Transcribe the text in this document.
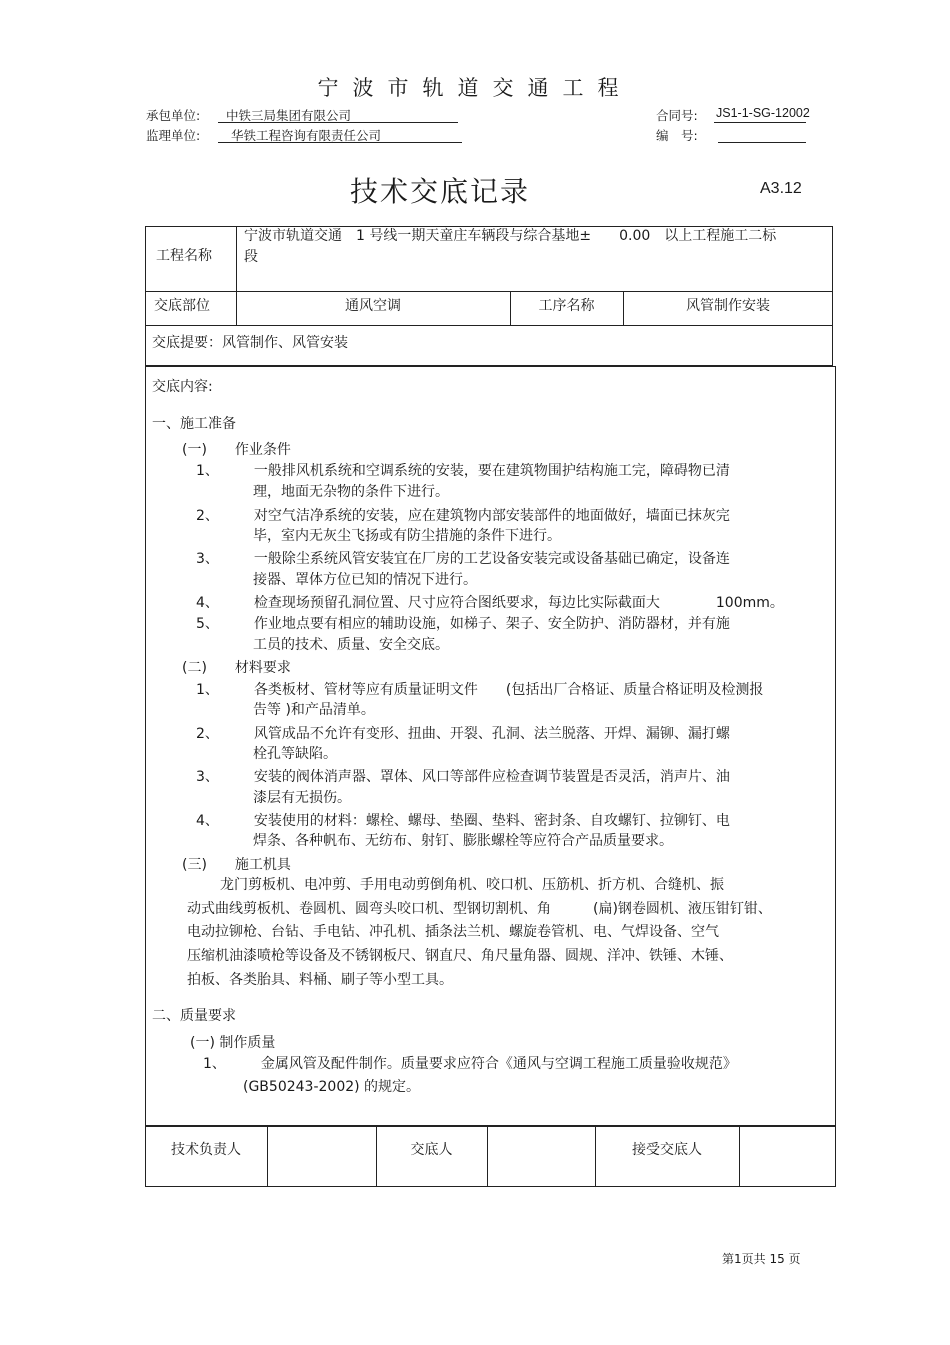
宁波市轨道交通工程
承包单位: 中铁三局集团有限公司
监理单位: 华铁工程咨询有限责任公司
合同号: JS1-1-SG-12002
编　号:
技术交底记录	A3.12
工程名称
宁波市轨道交通　1 号线一期天童庄车辆段与综合基地±　　0.00　以上工程施工二标
段
交底部位	通风空调	工序名称	风管制作安装
交底提要：风管制作、风管安装
交底内容:
一、施工准备
(一)　　作业条件
1、　　　一般排风机系统和空调系统的安装，要在建筑物围护结构施工完，障碍物已清
理，地面无杂物的条件下进行。
2、　　　对空气洁净系统的安装，应在建筑物内部安装部件的地面做好，墙面已抹灰完
毕，室内无灰尘飞扬或有防尘措施的条件下进行。
3、　　　一般除尘系统风管安装宜在厂房的工艺设备安装完或设备基础已确定，设备连
接器、罩体方位已知的情况下进行。
4、　　　检查现场预留孔洞位置、尺寸应符合图纸要求，每边比实际截面大　　　　100mm。
5、　　　作业地点要有相应的辅助设施，如梯子、架子、安全防护、消防器材，并有施
工员的技术、质量、安全交底。
(二)　　材料要求
1、　　　各类板材、管材等应有质量证明文件　　(包括出厂合格证、质量合格证明及检测报
告等 )和产品清单。
2、　　　风管成品不允许有变形、扭曲、开裂、孔洞、法兰脱落、开焊、漏铆、漏打螺
栓孔等缺陷。
3、　　　安装的阀体消声器、罩体、风口等部件应检查调节装置是否灵活，消声片、油
漆层有无损伤。
4、　　　安装使用的材料：螺栓、螺母、垫圈、垫料、密封条、自攻螺钉、拉铆钉、电
焊条、各种帆布、无纺布、射钉、膨胀螺栓等应符合产品质量要求。
(三)　　施工机具
龙门剪板机、电冲剪、手用电动剪倒角机、咬口机、压筋机、折方机、合缝机、振
动式曲线剪板机、卷圆机、圆弯头咬口机、型钢切割机、角　　　(扁)钢卷圆机、液压钳钉钳、
电动拉铆枪、台钻、手电钻、冲孔机、插条法兰机、螺旋卷管机、电、气焊设备、空气
压缩机油漆喷枪等设备及不锈钢板尺、钢直尺、角尺量角器、圆规、洋冲、铁锤、木锤、
拍板、各类胎具、料桶、刷子等小型工具。
二、质量要求
(一) 制作质量
1、　　　金属风管及配件制作。质量要求应符合《通风与空调工程施工质量验收规范》
(GB50243-2002) 的规定。
技术负责人	交底人	接受交底人
第1页共 15 页
